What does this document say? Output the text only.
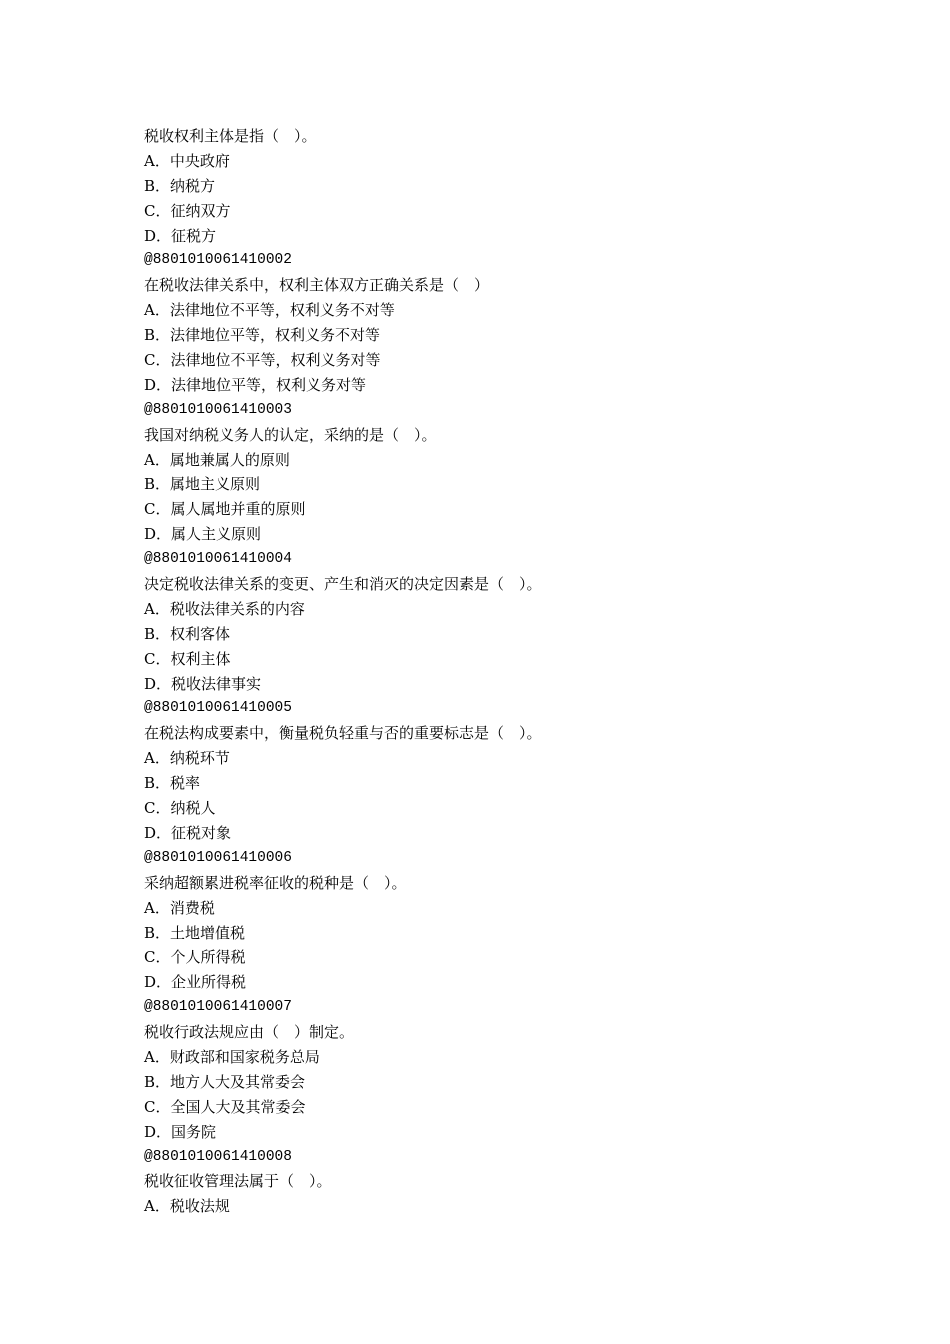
税收权利主体是指（　）。
A．中央政府
B．纳税方
C．征纳双方
D．征税方
@8801010061410002
在税收法律关系中，权利主体双方正确关系是（　）
A．法律地位不平等，权利义务不对等
B．法律地位平等，权利义务不对等
C．法律地位不平等，权利义务对等
D．法律地位平等，权利义务对等
@8801010061410003
我国对纳税义务人的认定，采纳的是（　）。
A．属地兼属人的原则
B．属地主义原则
C．属人属地并重的原则
D．属人主义原则
@8801010061410004
决定税收法律关系的变更、产生和消灭的决定因素是（　）。
A．税收法律关系的内容
B．权利客体
C．权利主体
D．税收法律事实
@8801010061410005
在税法构成要素中，衡量税负轻重与否的重要标志是（　）。
A．纳税环节
B．税率
C．纳税人
D．征税对象
@8801010061410006
采纳超额累进税率征收的税种是（　）。
A．消费税
B．土地增值税
C．个人所得税
D．企业所得税
@8801010061410007
税收行政法规应由（　）制定。
A．财政部和国家税务总局
B．地方人大及其常委会
C．全国人大及其常委会
D．国务院
@8801010061410008
税收征收管理法属于（　）。
A．税收法规
